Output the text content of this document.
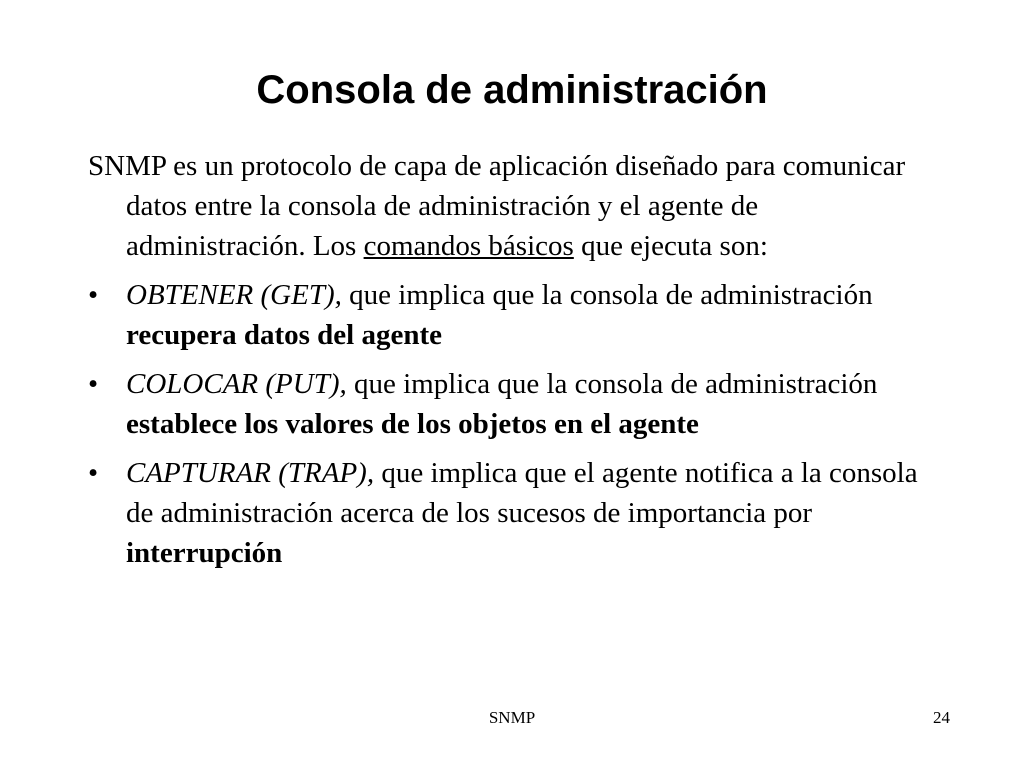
Consola de administración

SNMP es un protocolo de capa de aplicación diseñado para comunicar datos entre la consola de administración y el agente de administración. Los comandos básicos que ejecuta son:

• OBTENER (GET), que implica que la consola de administración recupera datos del agente
• COLOCAR (PUT), que implica que la consola de administración establece los valores de los objetos en el agente
• CAPTURAR (TRAP), que implica que el agente notifica a la consola de administración acerca de los sucesos de importancia por interrupción
SNMP	24
